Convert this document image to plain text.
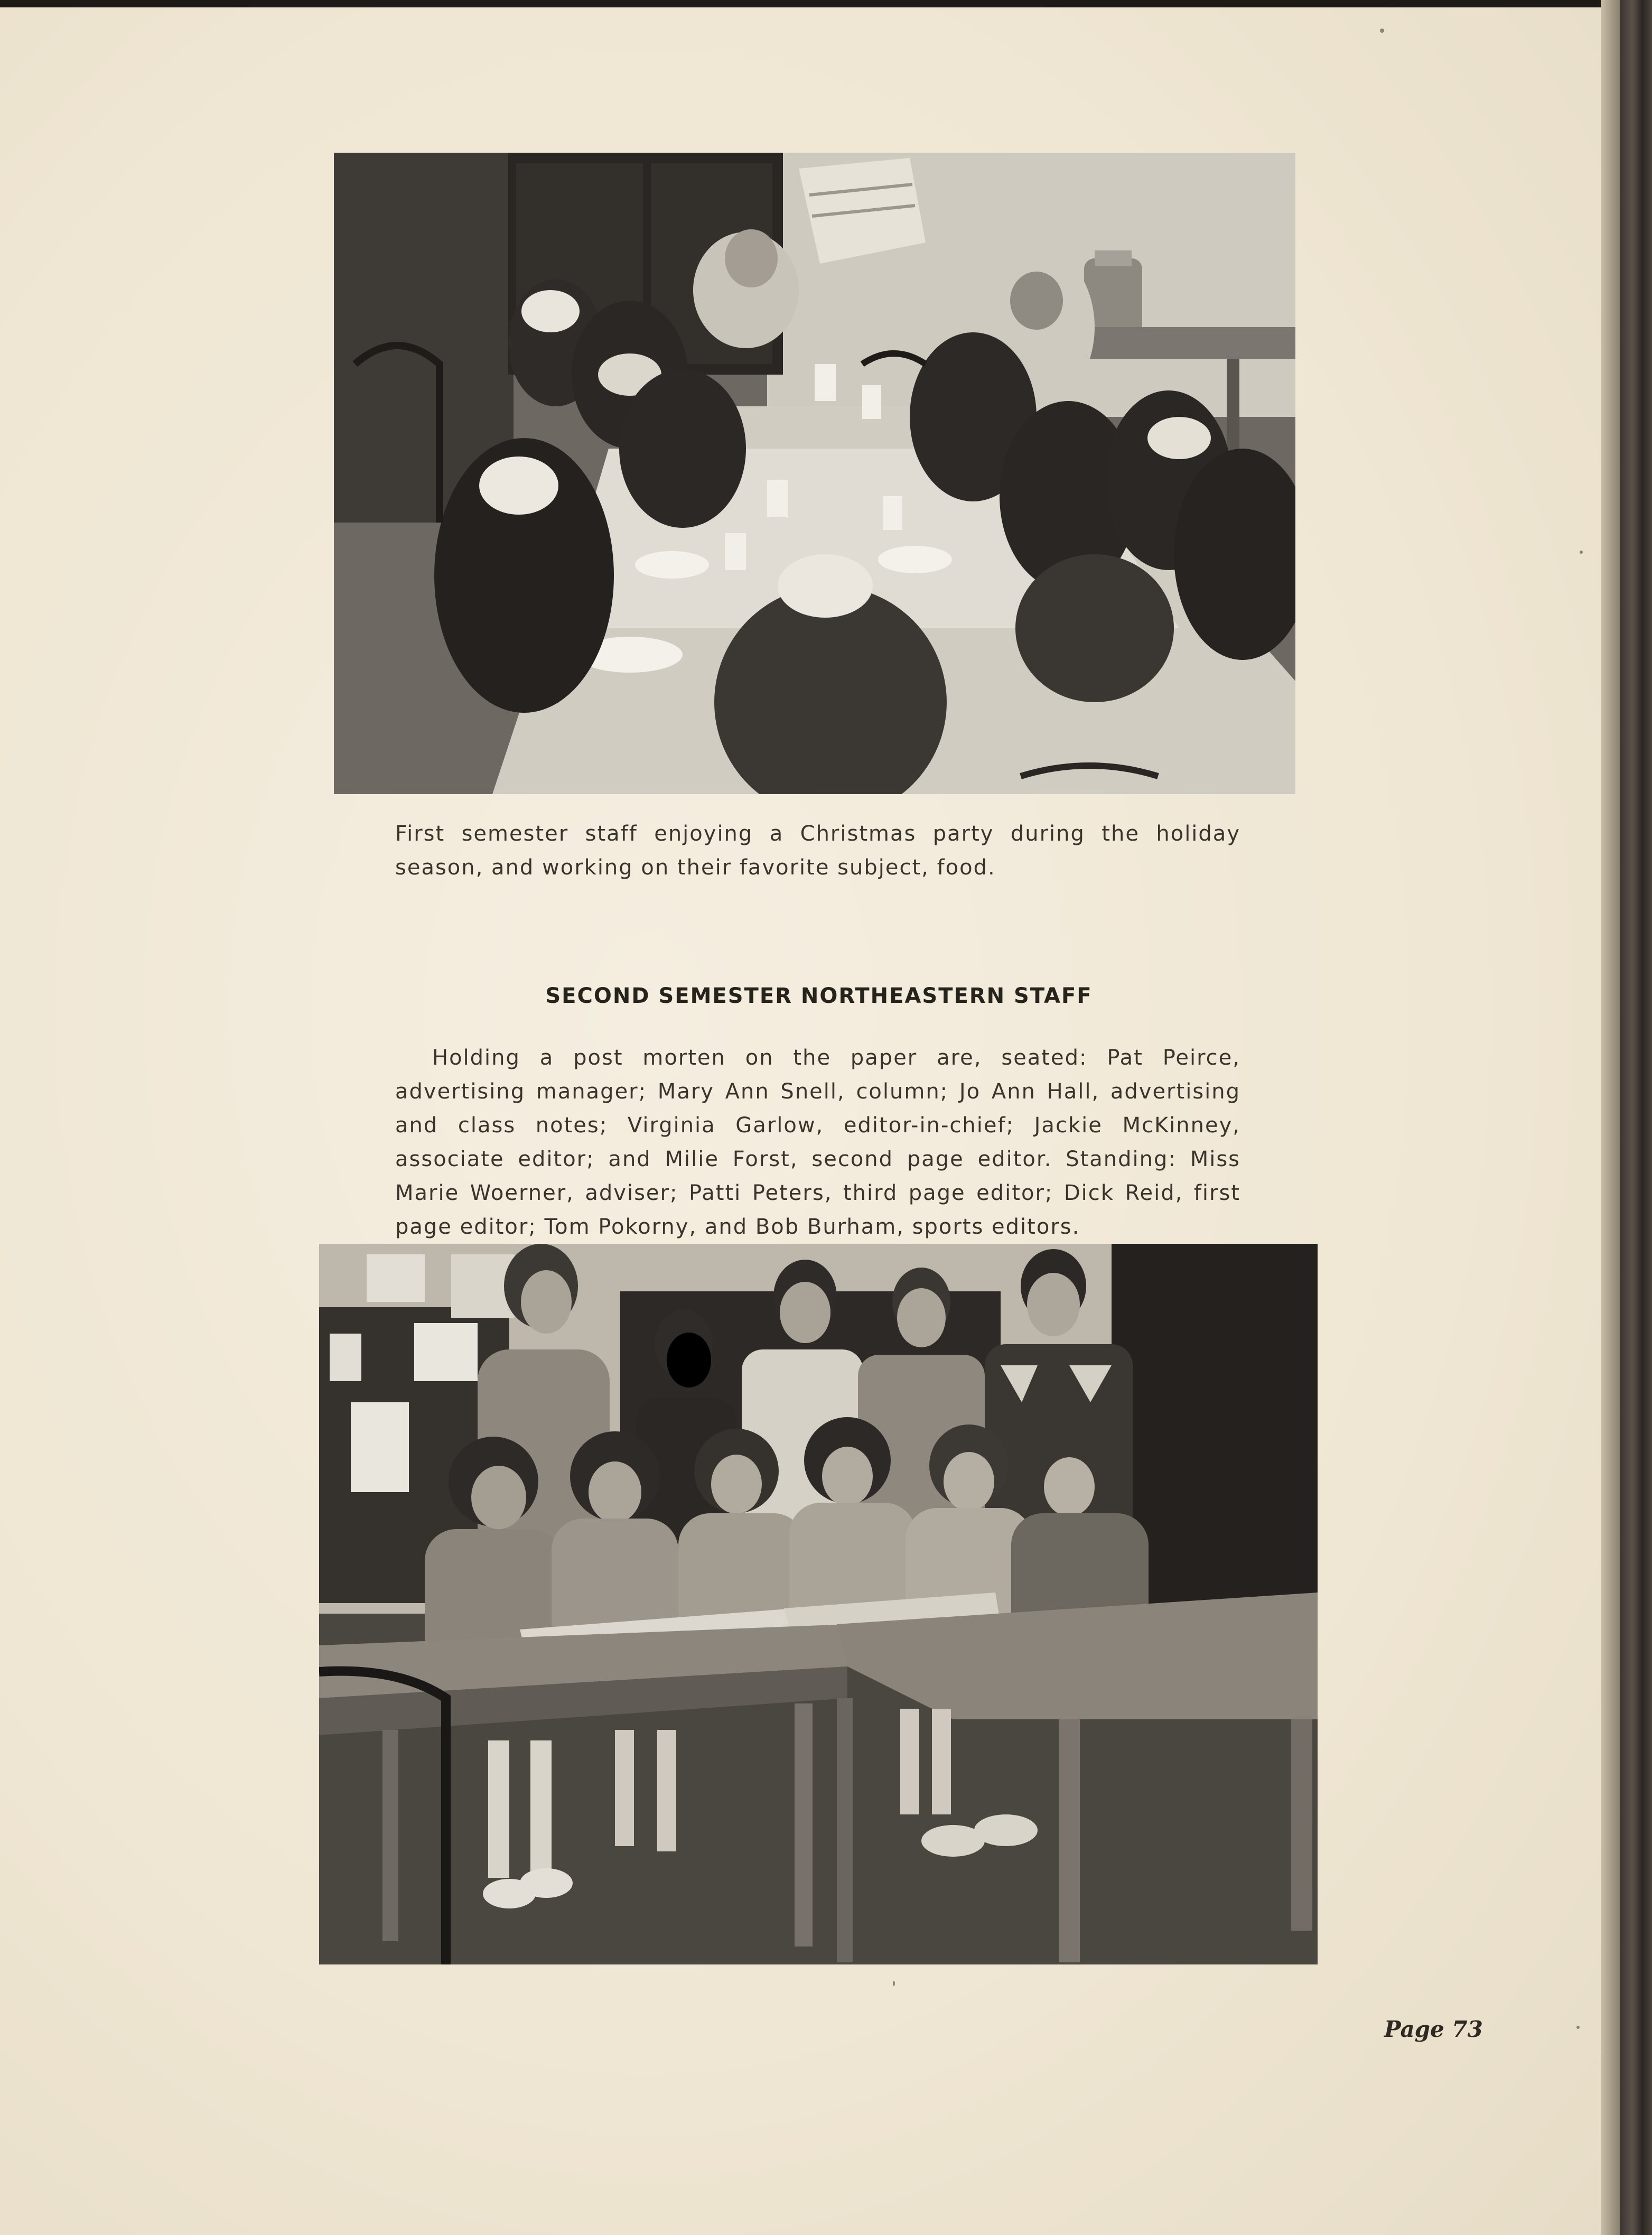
First semester staff enjoying a Christmas party during the holiday season, and working on their favorite subject, food.

SECOND SEMESTER NORTHEASTERN STAFF

Holding a post morten on the paper are, seated: Pat Peirce, advertising manager; Mary Ann Snell, column; Jo Ann Hall, advertising and class notes; Virginia Garlow, editor-in-chief; Jackie McKinney, associate editor; and Milie Forst, second page editor. Standing: Miss Marie Woerner, adviser; Patti Peters, third page editor; Dick Reid, first page editor; Tom Pokorny, and Bob Burham, sports editors.

Page 73
